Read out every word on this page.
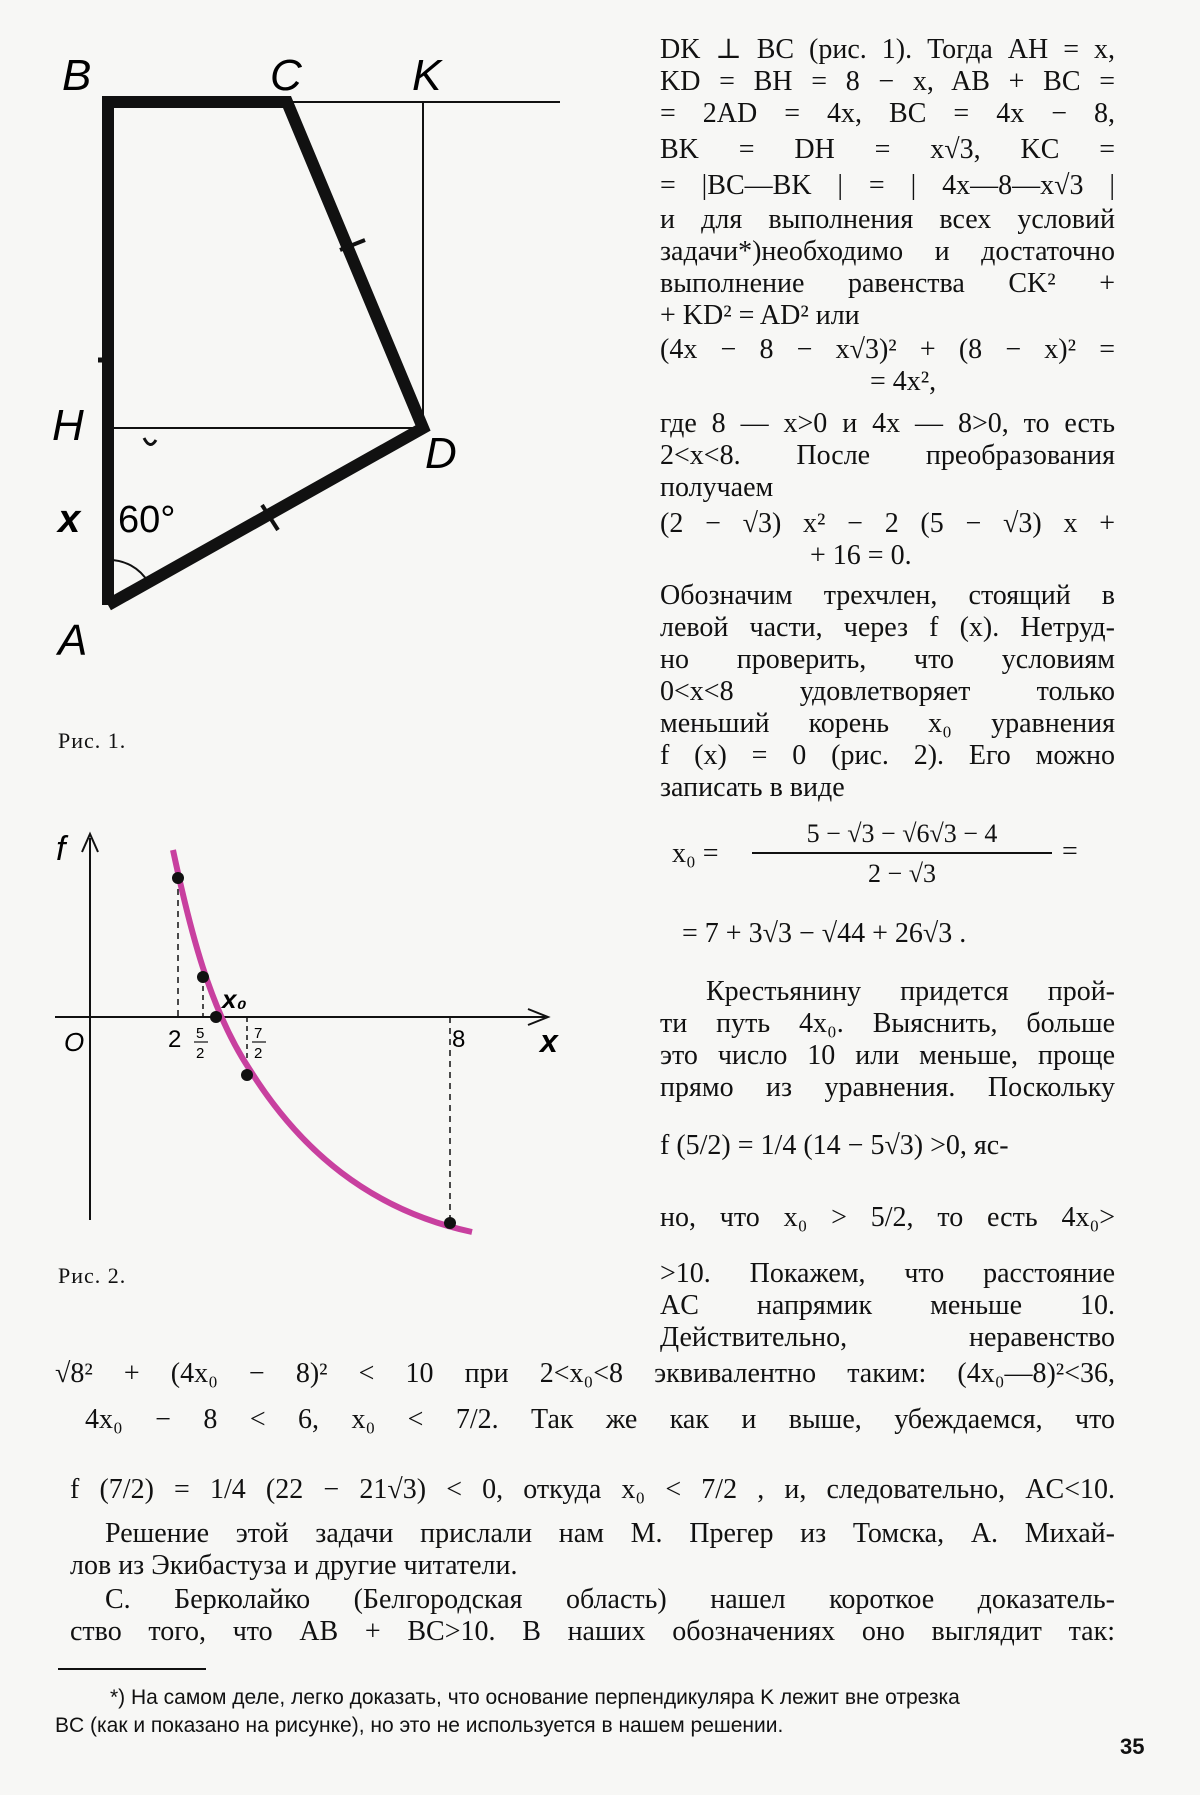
B	C	K
H
D
A
x 60°
Рис. 1.
f
O	x
2 5
2
7
2
8
x₀
Рис. 2.
DK ⊥ BC (рис. 1). Тогда AH = x,
KD = BH = 8 − x, AB + BC =
= 2AD = 4x, BC = 4x − 8,
BK = DH = x√3, KC =
= |BC—BK | = | 4x—8—x√3 |
и для выполнения всех условий
задачи*)необходимо и достаточно
выполнение равенства CK² +
+ KD² = AD² или
(4x − 8 − x√3)² + (8 − x)² =
= 4x²,
где 8 — x>0 и 4x — 8>0, то есть
2<x<8. После преобразования
получаем
(2 − √3) x² − 2 (5 − √3) x +
+ 16 = 0.
Обозначим трехчлен, стоящий в
левой части, через f (x). Нетруд-
но проверить, что условиям
0<x<8 удовлетворяет только
меньший корень x₀ уравнения
f (x) = 0 (рис. 2). Его можно
записать в виде
x₀ =
5 − √3 − √6√3 − 4
2 − √3
=
= 7 + 3√3 − √44 + 26√3 .
Крестьянину придется прой-
ти путь 4x₀. Выяснить, больше
это число 10 или меньше, проще
прямо из уравнения. Поскольку
f (5/2) = 1/4 (14 − 5√3) >0, яс-
но, что x₀ > 5/2, то есть 4x₀>
>10. Покажем, что расстояние
AC напрямик меньше 10.
Действительно, неравенство
√8² + (4x₀ − 8)² < 10 при 2<x₀<8 эквивалентно таким: (4x₀—8)²<36,
4x₀ − 8 < 6, x₀ < 7/2. Так же как и выше, убеждаемся, что
f (7/2) = 1/4 (22 − 21√3) < 0, откуда x₀ < 7/2 , и, следовательно, AC<10.
Решение этой задачи прислали нам М. Прегер из Томска, А. Михай-
лов из Экибастуза и другие читатели.
С. Берколайко (Белгородская область) нашел короткое доказатель-
ство того, что AB + BC>10. В наших обозначениях оно выглядит так:
*) На самом деле, легко доказать, что основание перпендикуляра K лежит вне отрезка
BC (как и показано на рисунке), но это не используется в нашем решении.
35
